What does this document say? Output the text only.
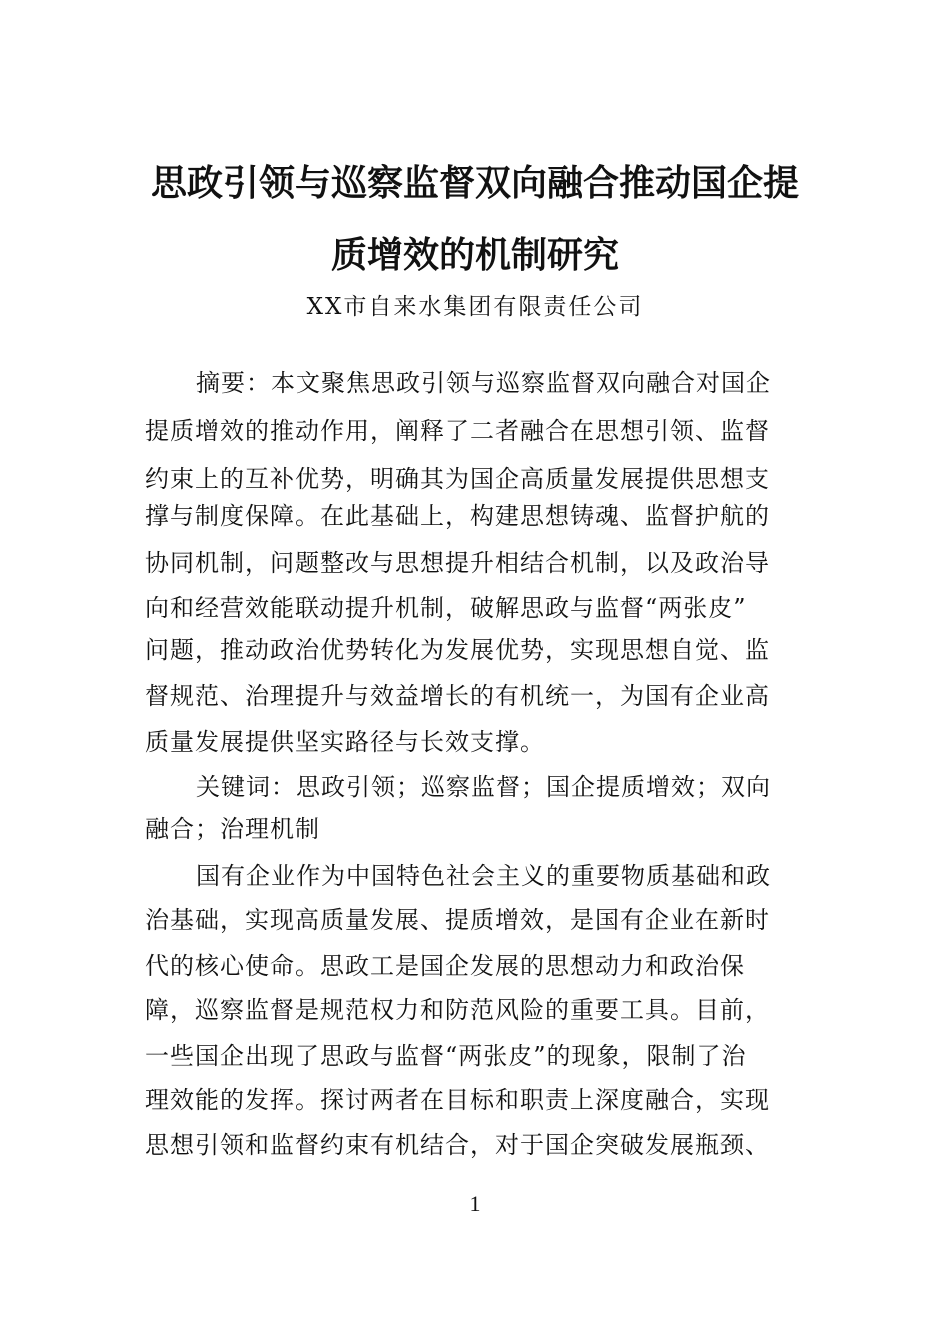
思政引领与巡察监督双向融合推动国企提
质增效的机制研究
XX市自来水集团有限责任公司
摘要：本文聚焦思政引领与巡察监督双向融合对国企
提质增效的推动作用，阐释了二者融合在思想引领、监督
约束上的互补优势，明确其为国企高质量发展提供思想支
撑与制度保障。在此基础上，构建思想铸魂、监督护航的
协同机制，问题整改与思想提升相结合机制，以及政治导
向和经营效能联动提升机制，破解思政与监督“两张皮”
问题，推动政治优势转化为发展优势，实现思想自觉、监
督规范、治理提升与效益增长的有机统一，为国有企业高
质量发展提供坚实路径与长效支撑。
关键词：思政引领；巡察监督；国企提质增效；双向
融合；治理机制
国有企业作为中国特色社会主义的重要物质基础和政
治基础，实现高质量发展、提质增效，是国有企业在新时
代的核心使命。思政工是国企发展的思想动力和政治保
障，巡察监督是规范权力和防范风险的重要工具。目前，
一些国企出现了思政与监督“两张皮”的现象，限制了治
理效能的发挥。探讨两者在目标和职责上深度融合，实现
思想引领和监督约束有机结合，对于国企突破发展瓶颈、
1
